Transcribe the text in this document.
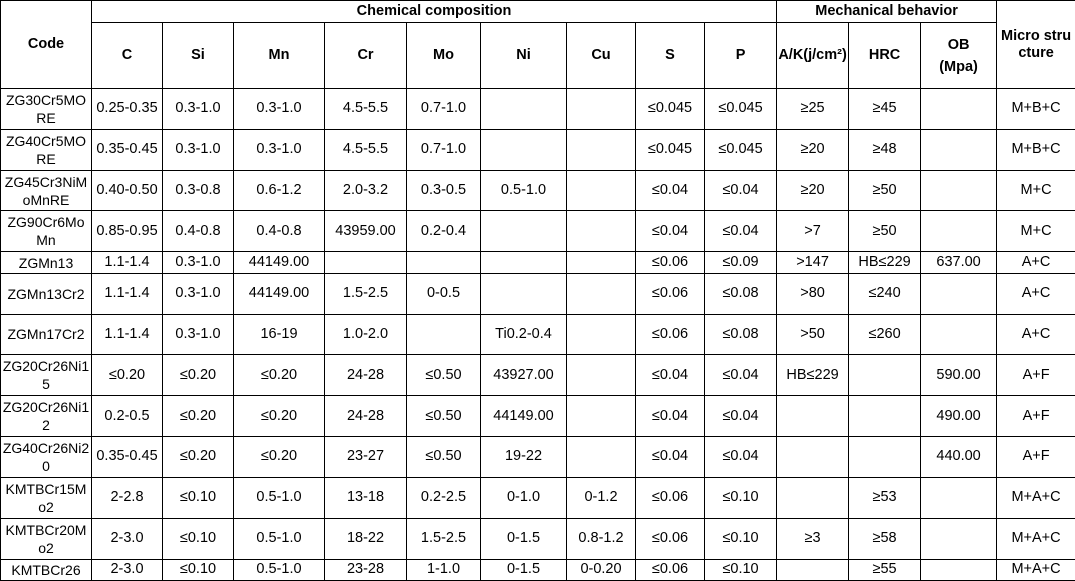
Code	Chemical composition									Mechanical behavior			Micro structure
	C	Si	Mn	Cr	Mo	Ni	Cu	S	P	A/K(j/cm²)	HRC	OB
(Mpa)	
ZG30Cr5MORE	0.25-0.35	0.3-1.0	0.3-1.0	4.5-5.5	0.7-1.0			≤0.045	≤0.045	≥25	≥45		M+B+C
ZG40Cr5MORE	0.35-0.45	0.3-1.0	0.3-1.0	4.5-5.5	0.7-1.0			≤0.045	≤0.045	≥20	≥48		M+B+C
ZG45Cr3NiMoMnRE	0.40-0.50	0.3-0.8	0.6-1.2	2.0-3.2	0.3-0.5	0.5-1.0		≤0.04	≤0.04	≥20	≥50		M+C
ZG90Cr6MoMn	0.85-0.95	0.4-0.8	0.4-0.8	43959.00	0.2-0.4			≤0.04	≤0.04	>7	≥50		M+C
ZGMn13	1.1-1.4	0.3-1.0	44149.00					≤0.06	≤0.09	>147	HB≤229	637.00	A+C
ZGMn13Cr2	1.1-1.4	0.3-1.0	44149.00	1.5-2.5	0-0.5			≤0.06	≤0.08	>80	≤240		A+C
ZGMn17Cr2	1.1-1.4	0.3-1.0	16-19	1.0-2.0		Ti0.2-0.4		≤0.06	≤0.08	>50	≤260		A+C
ZG20Cr26Ni15	≤0.20	≤0.20	≤0.20	24-28	≤0.50	43927.00		≤0.04	≤0.04	HB≤229		590.00	A+F
ZG20Cr26Ni12	0.2-0.5	≤0.20	≤0.20	24-28	≤0.50	44149.00		≤0.04	≤0.04			490.00	A+F
ZG40Cr26Ni20	0.35-0.45	≤0.20	≤0.20	23-27	≤0.50	19-22		≤0.04	≤0.04			440.00	A+F
KMTBCr15Mo2	2-2.8	≤0.10	0.5-1.0	13-18	0.2-2.5	0-1.0	0-1.2	≤0.06	≤0.10		≥53		M+A+C
KMTBCr20Mo2	2-3.0	≤0.10	0.5-1.0	18-22	1.5-2.5	0-1.5	0.8-1.2	≤0.06	≤0.10	≥3	≥58		M+A+C
KMTBCr26	2-3.0	≤0.10	0.5-1.0	23-28	1-1.0	0-1.5	0-0.20	≤0.06	≤0.10		≥55		M+A+C
